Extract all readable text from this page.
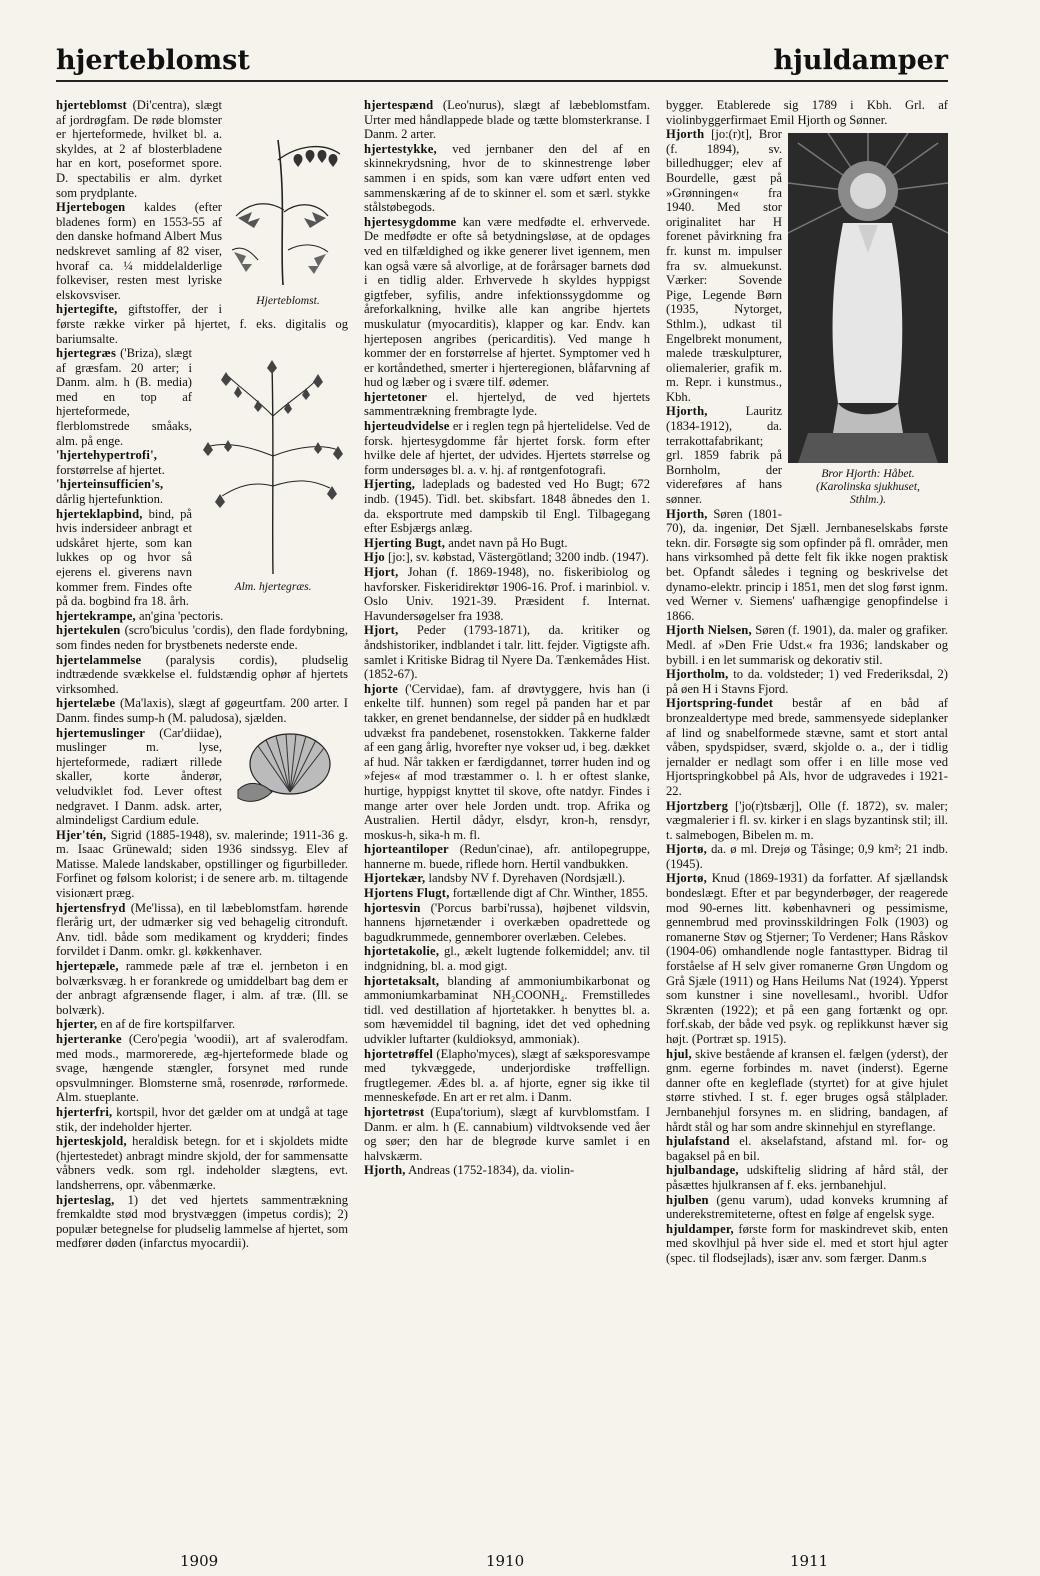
hjerteblomst	hjuldamper
Hjerteblomst.

hjerteblomst (Di'centra), slægt af jordrøgfam. De røde blomster er hjerteformede, hvilket bl. a. skyldes, at 2 af blosterbladene har en kort, poseformet spore. D. spectabilis er alm. dyrket som prydplante.

Hjertebogen kaldes (efter bladenes form) en 1553-55 af den danske hofmand Albert Mus nedskrevet samling af 82 viser, hvoraf ca. ¼ middelalderlige folkeviser, resten mest lyriske elskovsviser.

hjertegifte, giftstoffer, der i første række virker på hjertet, f. eks. digitalis og bariumsalte.

Alm. hjertegræs.

hjertegræs ('Briza), slægt af græsfam. 20 arter; i Danm. alm. h (B. media) med en top af hjerteformede, flerblomstrede småaks, alm. på enge.

'hjertehypertrofi', forstørrelse af hjertet.

'hjerteinsufficien's, dårlig hjertefunktion.

hjerteklapbind, bind, på hvis indersideer anbragt et udskåret hjerte, som kan lukkes op og hvor så ejerens el. giverens navn kommer frem. Findes ofte på da. bogbind fra 18. årh.

hjertekrampe, an'gina 'pectoris.

hjertekulen (scro'biculus 'cordis), den flade fordybning, som findes neden for brystbenets nederste ende.

hjertelammelse (paralysis cordis), pludselig indtrædende svækkelse el. fuldstændig ophør af hjertets virksomhed.

hjertelæbe (Ma'laxis), slægt af gøgeurtfam. 200 arter. I Danm. findes sump-h (M. paludosa), sjælden.

hjertemuslinger (Car'diidae), muslinger m. lyse, hjerteformede, radiært rillede skaller, korte ånderør, veludviklet fod. Lever oftest nedgravet. I Danm. adsk. arter, almindeligst Cardium edule.

Hjer'tén, Sigrid (1885-1948), sv. malerinde; 1911-36 g. m. Isaac Grünewald; siden 1936 sindssyg. Elev af Matisse. Malede landskaber, opstillinger og figurbilleder. Forfinet og følsom kolorist; i de senere arb. m. tiltagende visionært præg.

hjertensfryd (Me'lissa), en til læbeblomstfam. hørende flerårig urt, der udmærker sig ved behagelig citronduft. Anv. tidl. både som medikament og krydderi; findes forvildet i Danm. omkr. gl. køkkenhaver.

hjertepæle, rammede pæle af træ el. jernbeton i en bolværksvæg. h er forankrede og umiddelbart bag dem er der anbragt afgrænsende flager, i alm. af træ. (Ill. se bolværk).

hjerter, en af de fire kortspilfarver.

hjerteranke (Cero'pegia 'woodii), art af svalerodfam. med mods., marmorerede, æg-hjerteformede blade og svage, hængende stængler, forsynet med runde opsvulmninger. Blomsterne små, rosenrøde, rørformede. Alm. stueplante.

hjerterfri, kortspil, hvor det gælder om at undgå at tage stik, der indeholder hjerter.

hjerteskjold, heraldisk betegn. for et i skjoldets midte (hjertestedet) anbragt mindre skjold, der for sammensatte våbners vedk. som rgl. indeholder slægtens, evt. landsherrens, opr. våbenmærke.

hjerteslag, 1) det ved hjertets sammentrækning fremkaldte stød mod brystvæggen (impetus cordis); 2) populær betegnelse for pludselig lammelse af hjertet, som medfører døden (infarctus myocardii).

hjertespænd (Leo'nurus), slægt af læbeblomstfam. Urter med håndlappede blade og tætte blomsterkranse. I Danm. 2 arter.

hjertestykke, ved jernbaner den del af en skinnekrydsning, hvor de to skinnestrenge løber sammen i en spids, som kan være udført enten ved sammenskæring af de to skinner el. som et særl. stykke stålstøbegods.

hjertesygdomme kan være medfødte el. erhvervede. De medfødte er ofte så betydningsløse, at de opdages ved en tilfældighed og ikke generer livet igennem, men kan også være så alvorlige, at de forårsager barnets død i en tidlig alder. Erhvervede h skyldes hyppigst gigtfeber, syfilis, andre infektionssygdomme og åreforkalkning, hvilke alle kan angribe hjertets muskulatur (myocarditis), klapper og kar. Endv. kan hjerteposen angribes (pericarditis). Ved mange h kommer der en forstørrelse af hjertet. Symptomer ved h er kortåndethed, smerter i hjerteregionen, blåfarvning af hud og læber og i svære tilf. ødemer.

hjertetoner el. hjertelyd, de ved hjertets sammentrækning frembragte lyde.

hjerteudvidelse er i reglen tegn på hjertelidelse. Ved de forsk. hjertesygdomme får hjertet forsk. form efter hvilke dele af hjertet, der udvides. Hjertets størrelse og form undersøges bl. a. v. hj. af røntgenfotografi.

Hjerting, ladeplads og badested ved Ho Bugt; 672 indb. (1945). Tidl. bet. skibsfart. 1848 åbnedes den 1. da. eksportrute med dampskib til Engl. Tilbagegang efter Esbjærgs anlæg.

Hjerting Bugt, andet navn på Ho Bugt.

Hjo [jo:], sv. købstad, Västergötland; 3200 indb. (1947).

Hjort, Johan (f. 1869-1948), no. fiskeribiolog og havforsker. Fiskeridirektør 1906-16. Prof. i marinbiol. v. Oslo Univ. 1921-39. Præsident f. Internat. Havundersøgelser fra 1938.

Hjort, Peder (1793-1871), da. kritiker og åndshistoriker, indblandet i talr. litt. fejder. Vigtigste afh. samlet i Kritiske Bidrag til Nyere Da. Tænkemådes Hist. (1852-67).

hjorte ('Cervidae), fam. af drøvtyggere, hvis han (i enkelte tilf. hunnen) som regel på panden har et par takker, en grenet bendannelse, der sidder på en hudklædt udvækst fra pandebenet, rosenstokken. Takkerne falder af een gang årlig, hvorefter nye vokser ud, i beg. dækket af hud. Når takken er færdigdannet, tørrer huden ind og »fejes« af mod træstammer o. l. h er oftest slanke, hurtige, hyppigst knyttet til skove, ofte natdyr. Findes i mange arter over hele Jorden undt. trop. Afrika og Australien. Hertil dådyr, elsdyr, kron-h, rensdyr, moskus-h, sika-h m. fl.

hjorteantiloper (Redun'cinae), afr. antilopegruppe, hannerne m. buede, riflede horn. Hertil vandbukken.

Hjortekær, landsby NV f. Dyrehaven (Nordsjæll.).

Hjortens Flugt, fortællende digt af Chr. Winther, 1855.

hjortesvin ('Porcus barbi'russa), højbenet vildsvin, hannens hjørnetænder i overkæben opadrettede og bagudkrummede, gennemborer overlæben. Celebes.

hjortetakolie, gl., ækelt lugtende folkemiddel; anv. til indgnidning, bl. a. mod gigt.

hjortetaksalt, blanding af ammoniumbikarbonat og ammoniumkarbaminat NH₂COONH₄. Fremstilledes tidl. ved destillation af hjortetakker. h benyttes bl. a. som hævemiddel til bagning, idet det ved ophedning udvikler luftarter (kuldioksyd, ammoniak).

hjortetrøffel (Elapho'myces), slægt af sæksporesvampe med tykvæggede, underjordiske trøffellign. frugtlegemer. Ædes bl. a. af hjorte, egner sig ikke til menneskeføde. En art er ret alm. i Danm.

hjortetrøst (Eupa'torium), slægt af kurvblomstfam. I Danm. er alm. h (E. cannabium) vildtvoksende ved åer og søer; den har de blegrøde kurve samlet i en halvskærm.

Hjorth, Andreas (1752-1834), da. violin-

bygger. Etablerede sig 1789 i Kbh. Grl. af violinbyggerfirmaet Emil Hjorth og Sønner.

Bror Hjorth: Håbet.
(Karolinska sjukhuset,
Sthlm.).

Hjorth [jo:(r)t], Bror (f. 1894), sv. billedhugger; elev af Bourdelle, gæst på »Grønningen« fra 1940. Med stor originalitet har H forenet påvirkning fra fr. kunst m. impulser fra sv. almuekunst. Værker: Sovende Pige, Legende Børn (1935, Nytorget, Sthlm.), udkast til Engelbrekt monument, malede træskulpturer, oliemalerier, grafik m. m. Repr. i kunstmus., Kbh.

Hjorth, Lauritz (1834-1912), da. terrakottafabrikant; grl. 1859 fabrik på Bornholm, der videreføres af hans sønner.

Hjorth, Søren (1801-70), da. ingeniør, Det Sjæll. Jernbaneselskabs første tekn. dir. Forsøgte sig som opfinder på fl. områder, men hans virksomhed på dette felt fik ikke nogen praktisk bet. Opfandt således i tegning og beskrivelse det dynamo-elektr. princip i 1851, men det slog først ignm. ved Werner v. Siemens' uafhængige genopfindelse i 1866.

Hjorth Nielsen, Søren (f. 1901), da. maler og grafiker. Medl. af »Den Frie Udst.« fra 1936; landskaber og bybill. i en let summarisk og dekorativ stil.

Hjortholm, to da. voldsteder; 1) ved Frederiksdal, 2) på øen H i Stavns Fjord.

Hjortspring-fundet består af en båd af bronzealdertype med brede, sammensyede sideplanker af lind og snabelformede stævne, samt et stort antal våben, spydspidser, sværd, skjolde o. a., der i tidlig jernalder er nedlagt som offer i en lille mose ved Hjortspringkobbel på Als, hvor de udgravedes i 1921-22.

Hjortzberg ['jo(r)tsbærj], Olle (f. 1872), sv. maler; vægmalerier i fl. sv. kirker i en slags byzantinsk stil; ill. t. salmebogen, Bibelen m. m.

Hjortø, da. ø ml. Drejø og Tåsinge; 0,9 km²; 21 indb. (1945).

Hjortø, Knud (1869-1931) da forfatter. Af sjællandsk bondeslægt. Efter et par begynderbøger, der reagerede mod 90-ernes litt. københavneri og pessimisme, gennembrud med provinsskildringen Folk (1903) og romanerne Støv og Stjerner; To Verdener; Hans Råskov (1904-06) omhandlende nogle fantasttyper. Bidrag til forståelse af H selv giver romanerne Grøn Ungdom og Grå Sjæle (1911) og Hans Heilums Nat (1924). Ypperst som kunstner i sine novellesaml., hvoribl. Udfor Skrænten (1922); et på een gang fortænkt og opr. forf.skab, der både ved psyk. og replikkunst hæver sig højt. (Portræt sp. 1915).

hjul, skive bestående af kransen el. fælgen (yderst), der gnm. egerne forbindes m. navet (inderst). Egerne danner ofte en kegleflade (styrtet) for at give hjulet større stivhed. I st. f. eger bruges også stålplader. Jernbanehjul forsynes m. en slidring, bandagen, af hårdt stål og har som andre skinnehjul en styreflange.

hjulafstand el. akselafstand, afstand ml. for- og bagaksel på en bil.

hjulbandage, udskiftelig slidring af hård stål, der påsættes hjulkransen af f. eks. jernbanehjul.

hjulben (genu varum), udad konveks krumning af underekstremiteterne, oftest en følge af engelsk syge.

hjuldamper, første form for maskindrevet skib, enten med skovlhjul på hver side el. med et stort hjul agter (spec. til flodsejlads), især anv. som færger. Danm.s

1909	1910	1911
